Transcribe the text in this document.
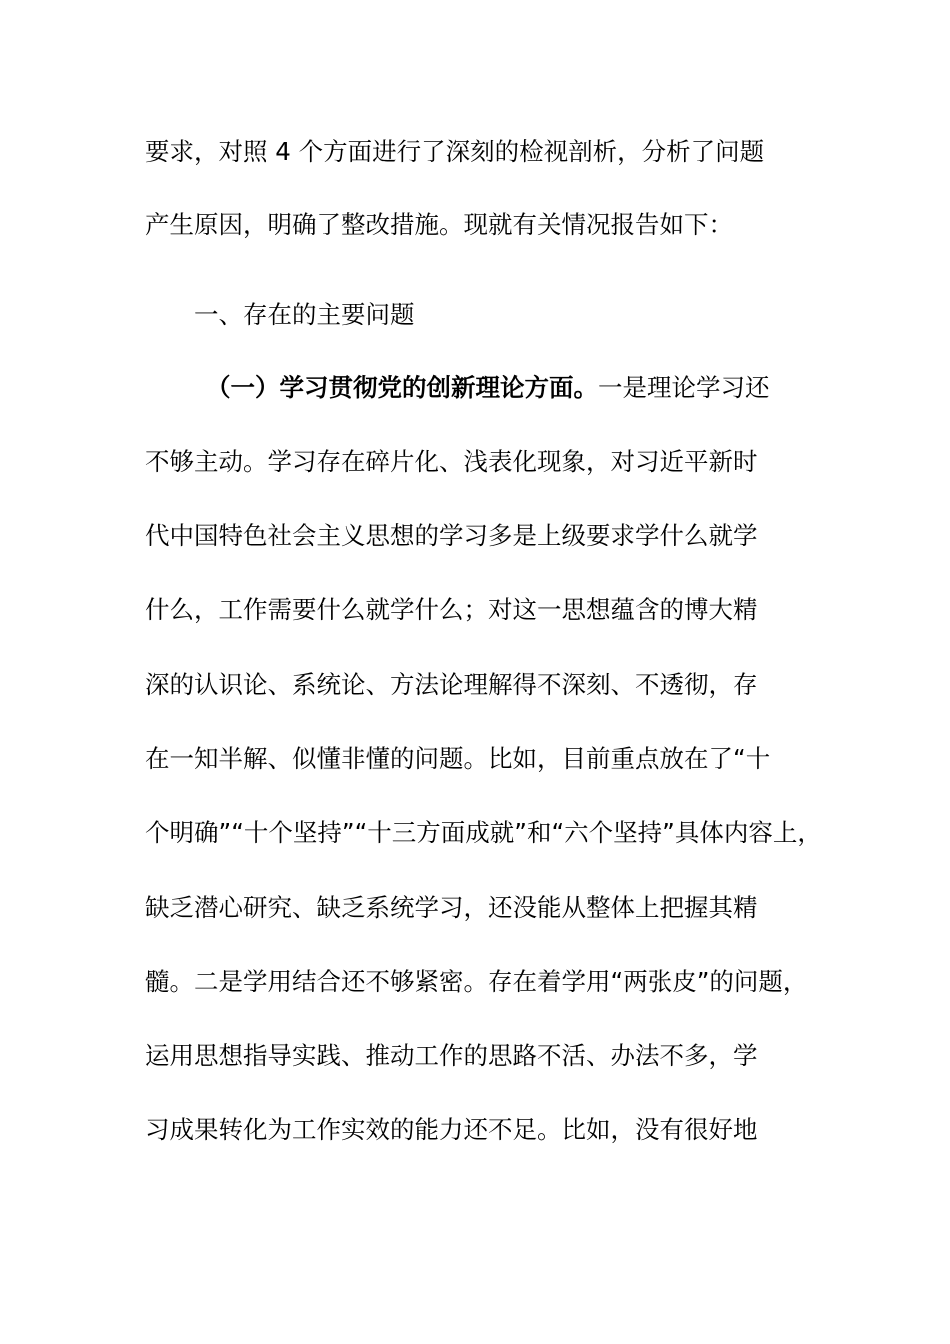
要求，对照 4 个方面进行了深刻的检视剖析，分析了问题
产生原因，明确了整改措施。现就有关情况报告如下：
一、存在的主要问题
（一）学习贯彻党的创新理论方面。一是理论学习还
不够主动。学习存在碎片化、浅表化现象，对习近平新时
代中国特色社会主义思想的学习多是上级要求学什么就学
什么，工作需要什么就学什么；对这一思想蕴含的博大精
深的认识论、系统论、方法论理解得不深刻、不透彻，存
在一知半解、似懂非懂的问题。比如，目前重点放在了“十
个明确”“十个坚持”“十三方面成就”和“六个坚持”具体内容上，
缺乏潜心研究、缺乏系统学习，还没能从整体上把握其精
髓。二是学用结合还不够紧密。存在着学用“两张皮”的问题，
运用思想指导实践、推动工作的思路不活、办法不多，学
习成果转化为工作实效的能力还不足。比如，没有很好地
